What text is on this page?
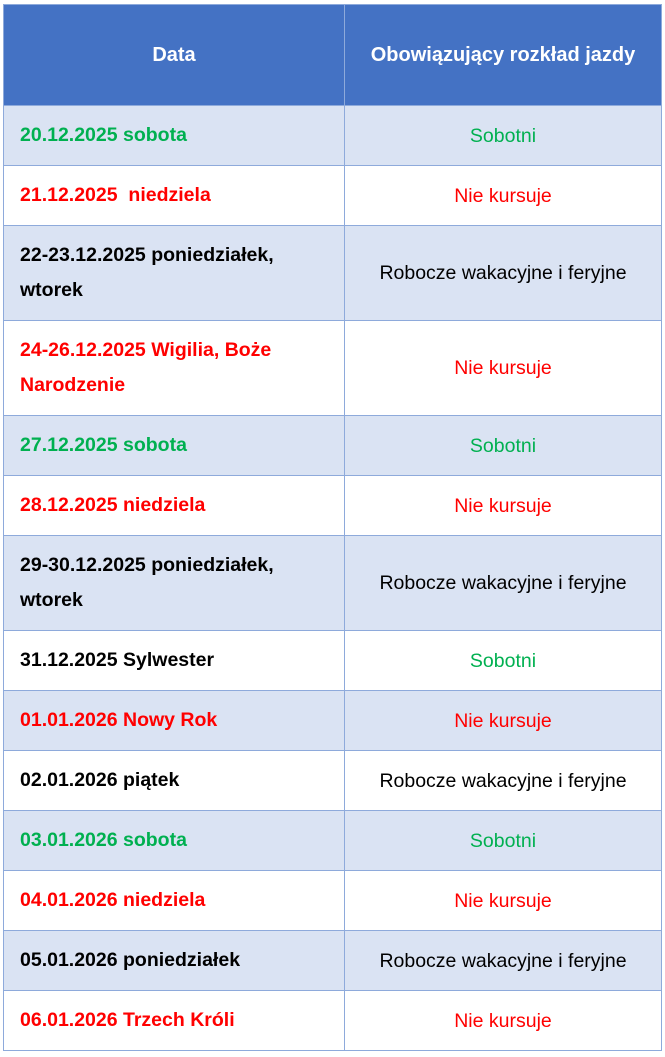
Data	Obowiązujący rozkład jazdy
20.12.2025 sobota	Sobotni
21.12.2025  niedziela	Nie kursuje
22-23.12.2025 poniedziałek, wtorek	Robocze wakacyjne i feryjne
24-26.12.2025 Wigilia, Boże Narodzenie	Nie kursuje
27.12.2025 sobota	Sobotni
28.12.2025 niedziela	Nie kursuje
29-30.12.2025 poniedziałek, wtorek	Robocze wakacyjne i feryjne
31.12.2025 Sylwester	Sobotni
01.01.2026 Nowy Rok	Nie kursuje
02.01.2026 piątek	Robocze wakacyjne i feryjne
03.01.2026 sobota	Sobotni
04.01.2026 niedziela	Nie kursuje
05.01.2026 poniedziałek	Robocze wakacyjne i feryjne
06.01.2026 Trzech Króli	Nie kursuje
